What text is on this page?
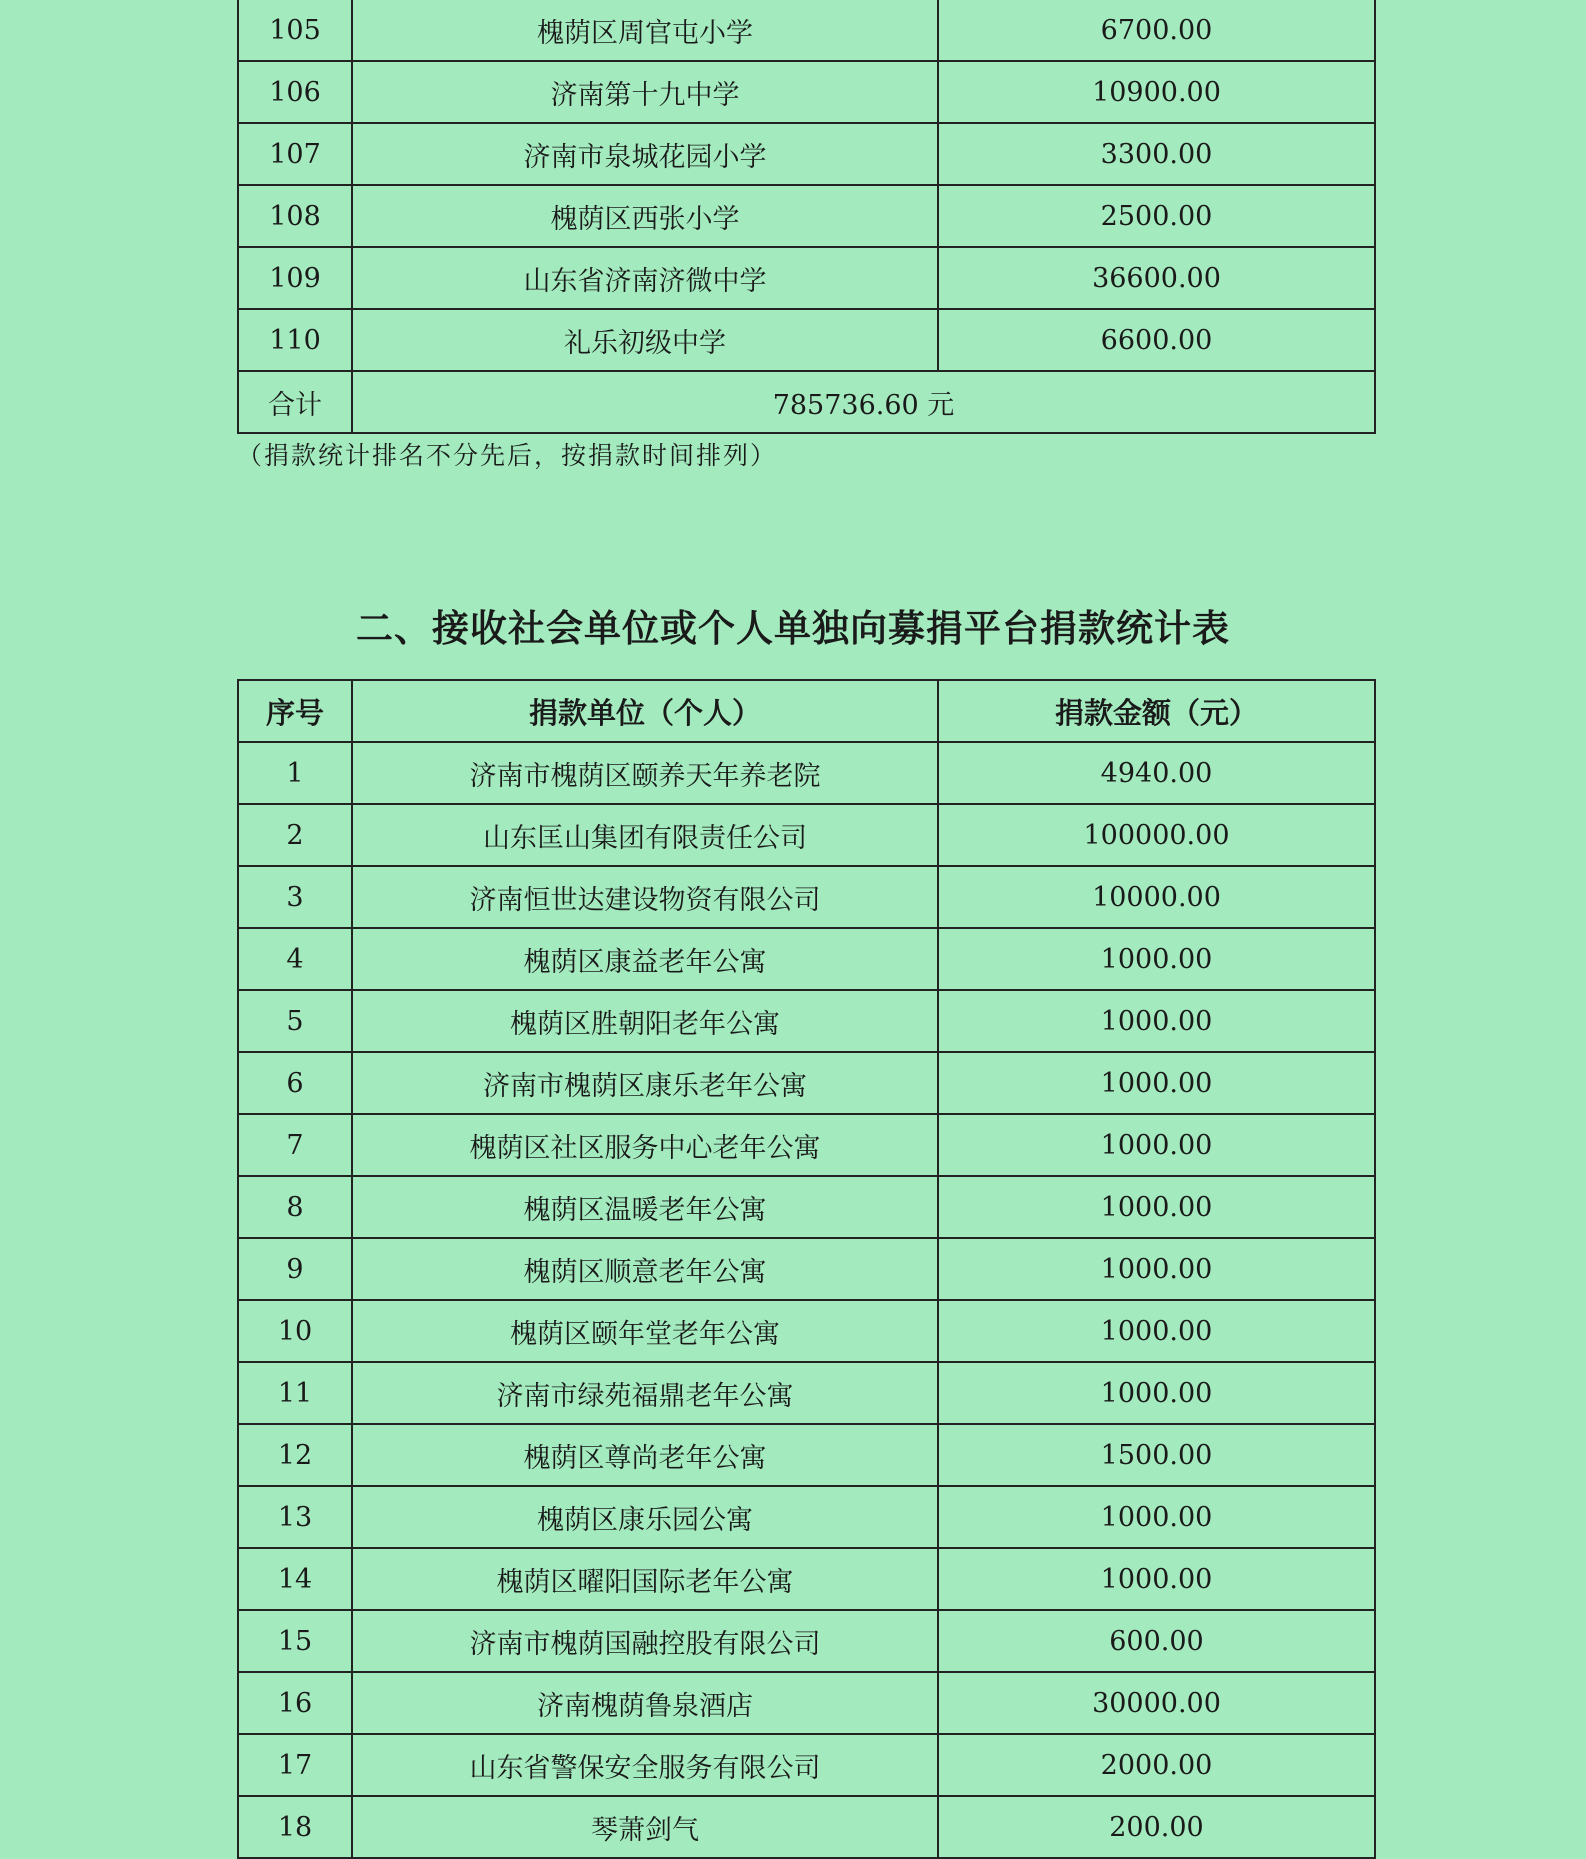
105	槐荫区周官屯小学	6700.00
106	济南第十九中学	10900.00
107	济南市泉城花园小学	3300.00
108	槐荫区西张小学	2500.00
109	山东省济南济微中学	36600.00
110	礼乐初级中学	6600.00
合计	785736.60 元	
（捐款统计排名不分先后，按捐款时间排列）
二、接收社会单位或个人单独向募捐平台捐款统计表
序号	捐款单位（个人）	捐款金额（元）
1	济南市槐荫区颐养天年养老院	4940.00
2	山东匡山集团有限责任公司	100000.00
3	济南恒世达建设物资有限公司	10000.00
4	槐荫区康益老年公寓	1000.00
5	槐荫区胜朝阳老年公寓	1000.00
6	济南市槐荫区康乐老年公寓	1000.00
7	槐荫区社区服务中心老年公寓	1000.00
8	槐荫区温暖老年公寓	1000.00
9	槐荫区顺意老年公寓	1000.00
10	槐荫区颐年堂老年公寓	1000.00
11	济南市绿苑福鼎老年公寓	1000.00
12	槐荫区尊尚老年公寓	1500.00
13	槐荫区康乐园公寓	1000.00
14	槐荫区曜阳国际老年公寓	1000.00
15	济南市槐荫国融控股有限公司	600.00
16	济南槐荫鲁泉酒店	30000.00
17	山东省警保安全服务有限公司	2000.00
18	琴萧剑气	200.00
